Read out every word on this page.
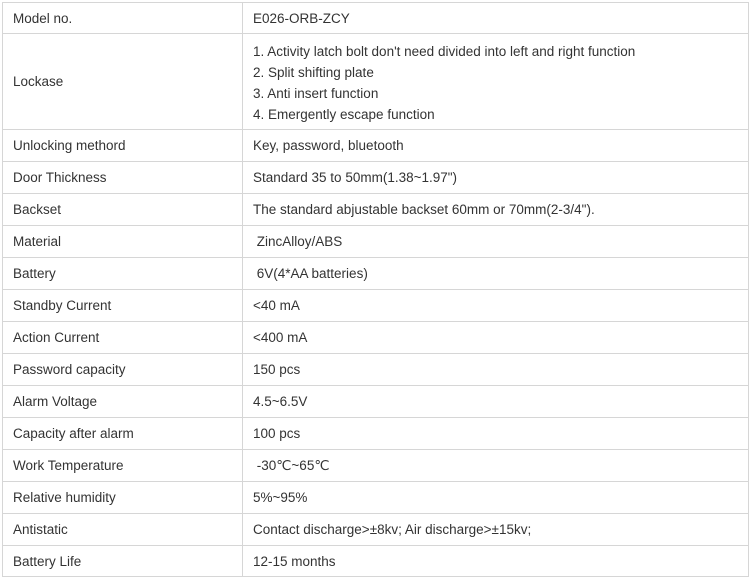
Model no.	E026-ORB-ZCY
Lockase	1. Activity latch bolt don't need divided into left and right function
2. Split shifting plate
3. Anti insert function
4. Emergently escape function

Unlocking methord	Key, password, bluetooth
Door Thickness	Standard 35 to 50mm(1.38~1.97")
Backset	The standard abjustable backset 60mm or 70mm(2-3/4").
Material	ZincAlloy/ABS
Battery	6V(4*AA batteries)
Standby Current	<40 mA
Action Current	<400 mA
Password capacity	150 pcs
Alarm Voltage	4.5~6.5V
Capacity after alarm	100 pcs
Work Temperature	-30℃~65℃
Relative humidity	5%~95%
Antistatic	Contact discharge>±8kv; Air discharge>±15kv;
Battery Life	12-15 months
